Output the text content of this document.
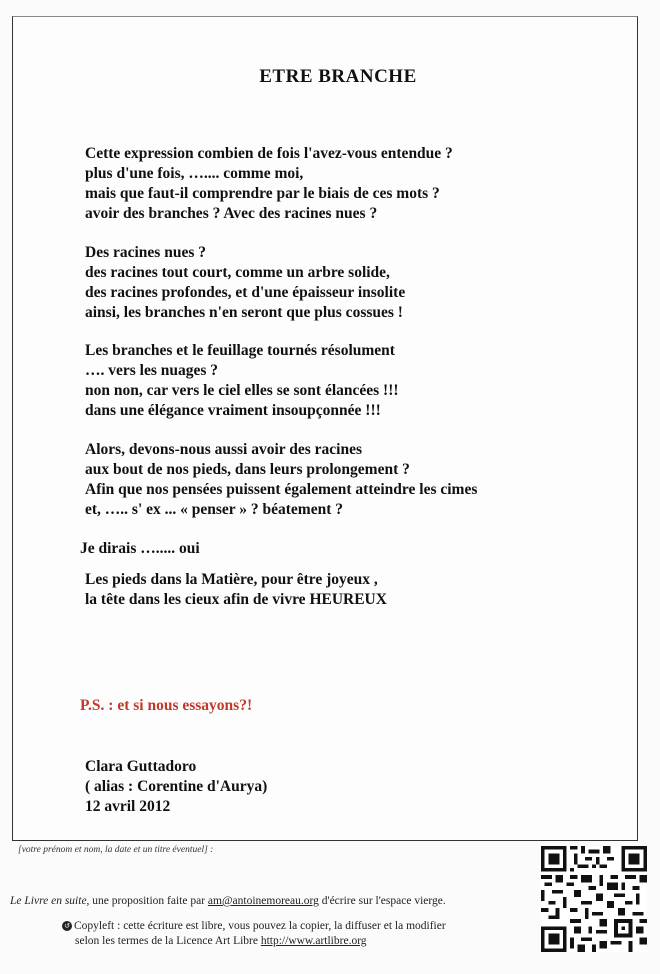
ETRE BRANCHE
Cette expression combien de fois l'avez-vous entendue ?
plus d'une fois, ….... comme moi,
mais que faut-il comprendre par le biais de ces mots ?
avoir des branches ? Avec des racines nues ?
Des racines nues ?
des racines tout court, comme un arbre solide,
des racines profondes, et d'une épaisseur insolite
ainsi, les branches n'en seront que plus cossues !
Les branches et le feuillage tournés résolument
…. vers les nuages ?
non non, car vers le ciel elles se sont élancées !!!
dans une élégance vraiment insoupçonnée !!!
Alors, devons-nous aussi avoir des racines
aux bout de nos pieds, dans leurs prolongement ?
Afin que nos pensées puissent également atteindre les cimes
et, ….. s' ex ... « penser » ? béatement ?
Je dirais …..... oui
Les pieds dans la Matière, pour être joyeux ,
la tête dans les cieux afin de vivre HEUREUX
P.S. : et si nous essayons?!
Clara Guttadoro
( alias : Corentine d'Aurya)
12 avril 2012
[votre prénom et nom, la date et un titre éventuel] :
Le Livre en suite, une proposition faite par am@antoinemoreau.org d'écrire sur l'espace vierge.
↺ Copyleft : cette écriture est libre, vous pouvez la copier, la diffuser et la modifier
selon les termes de la Licence Art Libre http://www.artlibre.org
